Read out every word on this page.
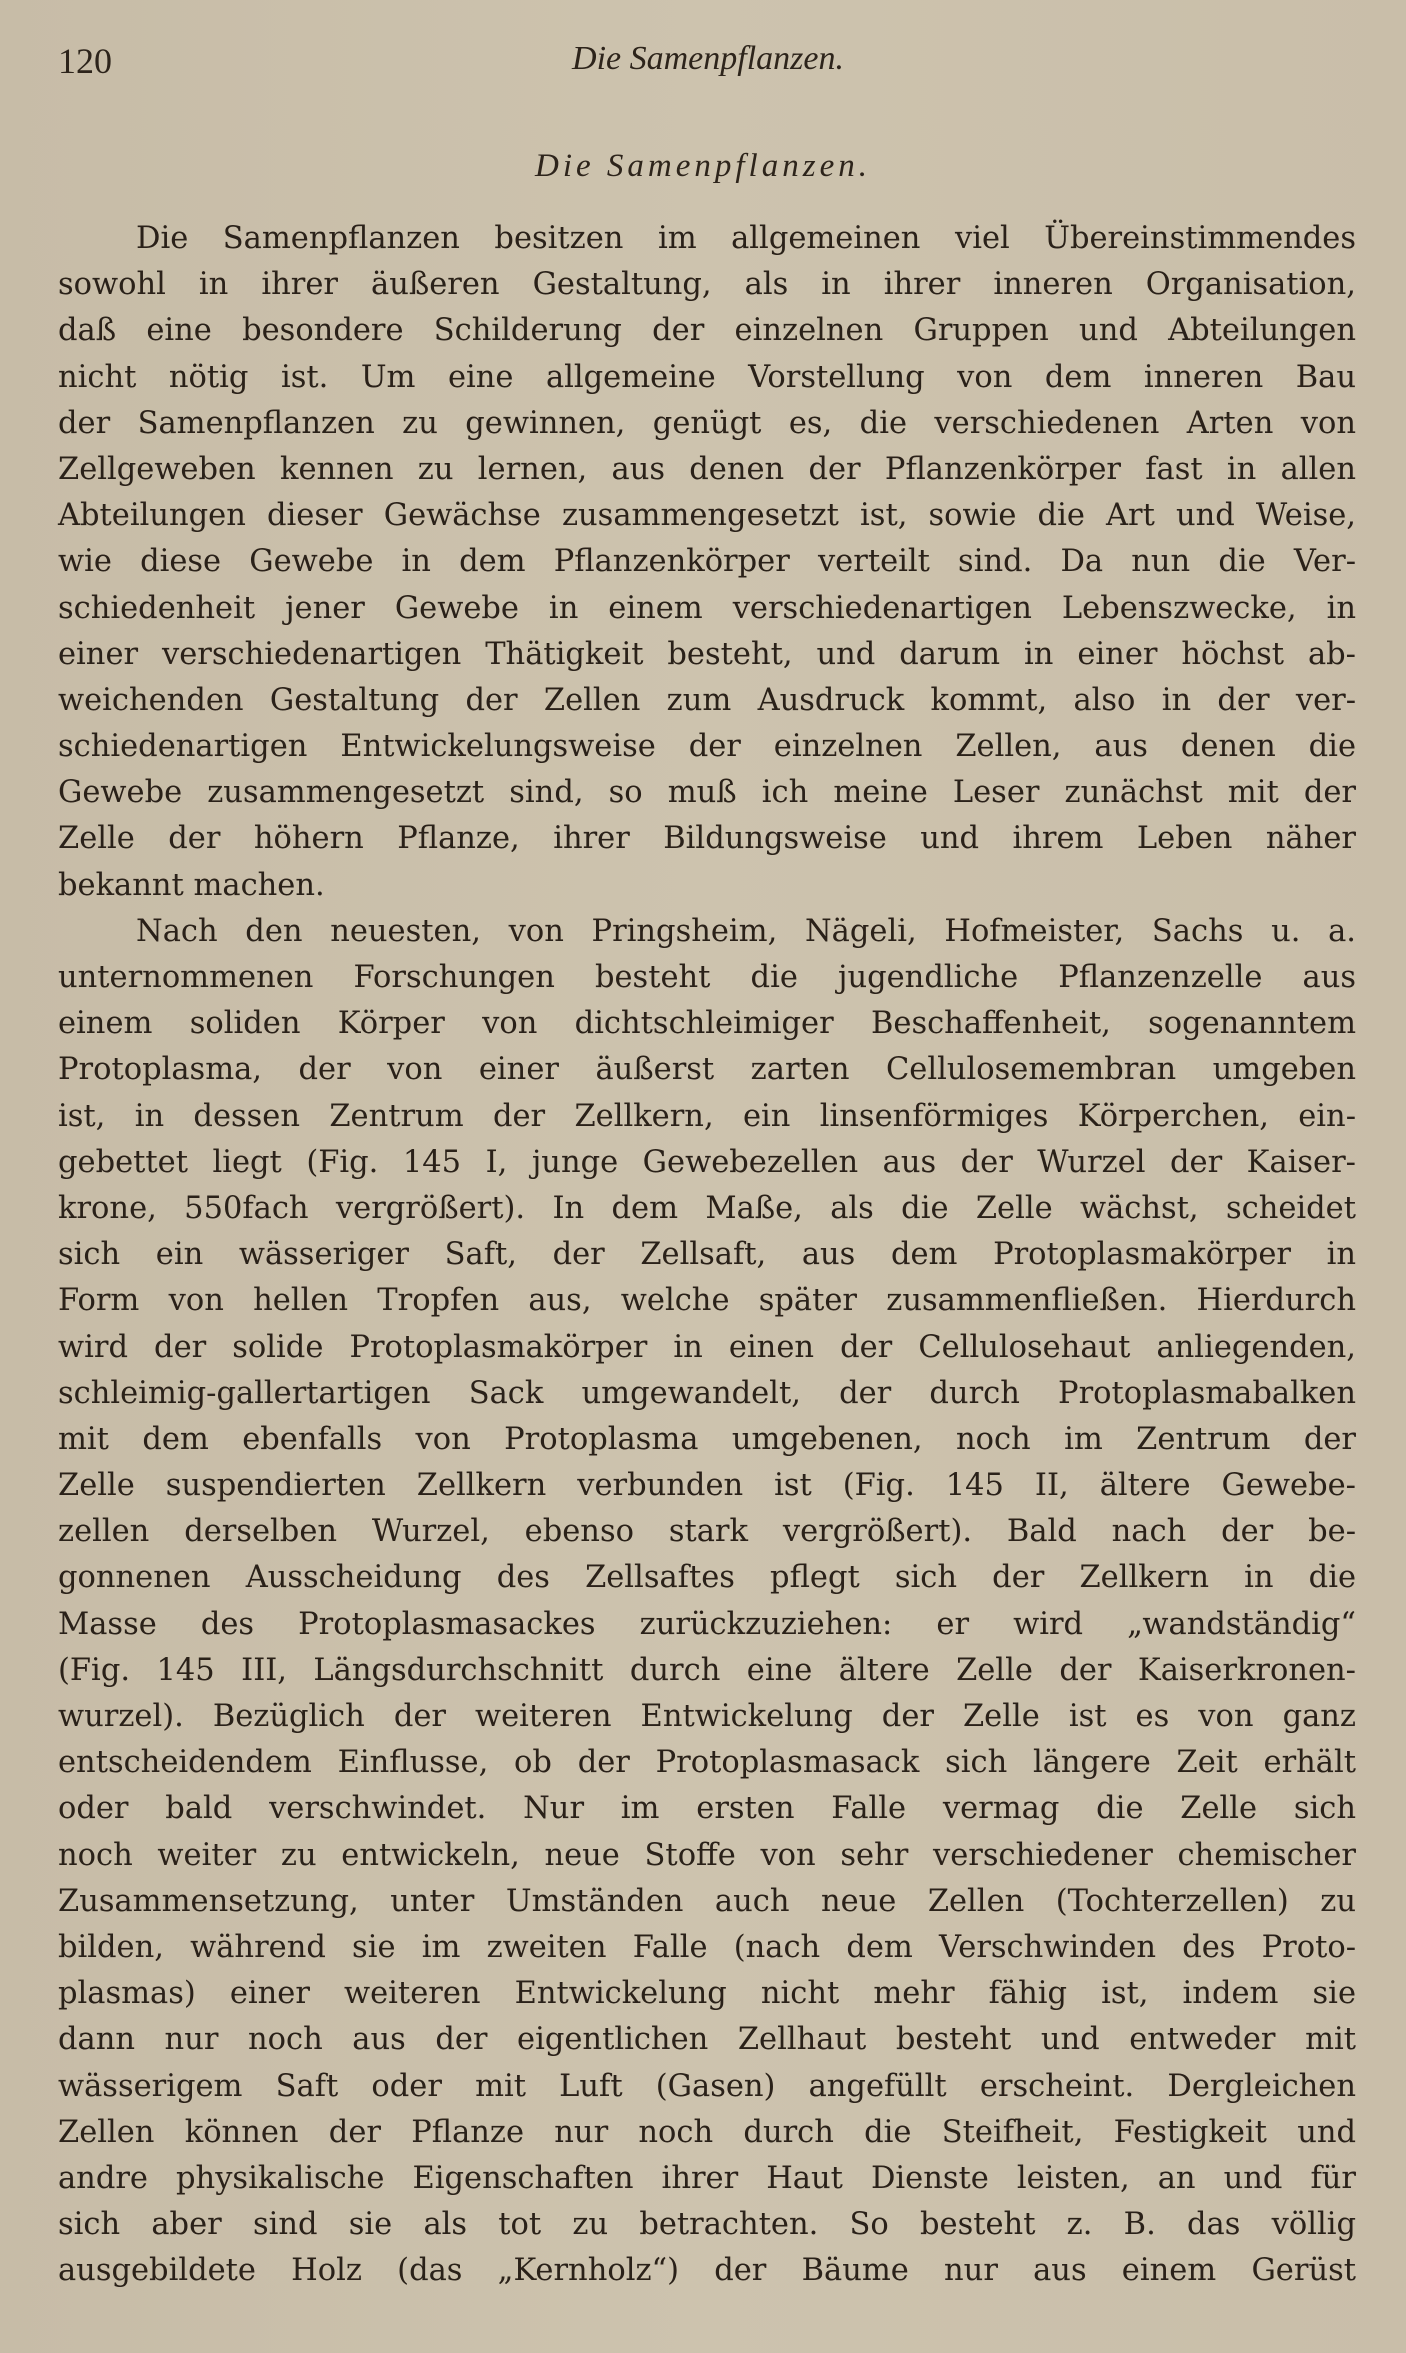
120	Die Samenpflanzen.
Die Samenpflanzen.
Die Samenpflanzen besitzen im allgemeinen viel Übereinstimmendes
sowohl in ihrer äußeren Gestaltung, als in ihrer inneren Organisation,
daß eine besondere Schilderung der einzelnen Gruppen und Abteilungen
nicht nötig ist. Um eine allgemeine Vorstellung von dem inneren Bau
der Samenpflanzen zu gewinnen, genügt es, die verschiedenen Arten von
Zellgeweben kennen zu lernen, aus denen der Pflanzenkörper fast in allen
Abteilungen dieser Gewächse zusammengesetzt ist, sowie die Art und Weise,
wie diese Gewebe in dem Pflanzenkörper verteilt sind. Da nun die Ver-
schiedenheit jener Gewebe in einem verschiedenartigen Lebenszwecke, in
einer verschiedenartigen Thätigkeit besteht, und darum in einer höchst ab-
weichenden Gestaltung der Zellen zum Ausdruck kommt, also in der ver-
schiedenartigen Entwickelungsweise der einzelnen Zellen, aus denen die
Gewebe zusammengesetzt sind, so muß ich meine Leser zunächst mit der
Zelle der höhern Pflanze, ihrer Bildungsweise und ihrem Leben näher
bekannt machen.
Nach den neuesten, von Pringsheim, Nägeli, Hofmeister, Sachs u. a.
unternommenen Forschungen besteht die jugendliche Pflanzenzelle aus
einem soliden Körper von dichtschleimiger Beschaffenheit, sogenanntem
Protoplasma, der von einer äußerst zarten Cellulosemembran umgeben
ist, in dessen Zentrum der Zellkern, ein linsenförmiges Körperchen, ein-
gebettet liegt (Fig. 145 I, junge Gewebezellen aus der Wurzel der Kaiser-
krone, 550fach vergrößert). In dem Maße, als die Zelle wächst, scheidet
sich ein wässeriger Saft, der Zellsaft, aus dem Protoplasmakörper in
Form von hellen Tropfen aus, welche später zusammenfließen. Hierdurch
wird der solide Protoplasmakörper in einen der Cellulosehaut anliegenden,
schleimig-gallertartigen Sack umgewandelt, der durch Protoplasmabalken
mit dem ebenfalls von Protoplasma umgebenen, noch im Zentrum der
Zelle suspendierten Zellkern verbunden ist (Fig. 145 II, ältere Gewebe-
zellen derselben Wurzel, ebenso stark vergrößert). Bald nach der be-
gonnenen Ausscheidung des Zellsaftes pflegt sich der Zellkern in die
Masse des Protoplasmasackes zurückzuziehen: er wird „wandständig“
(Fig. 145 III, Längsdurchschnitt durch eine ältere Zelle der Kaiserkronen-
wurzel). Bezüglich der weiteren Entwickelung der Zelle ist es von ganz
entscheidendem Einflusse, ob der Protoplasmasack sich längere Zeit erhält
oder bald verschwindet. Nur im ersten Falle vermag die Zelle sich
noch weiter zu entwickeln, neue Stoffe von sehr verschiedener chemischer
Zusammensetzung, unter Umständen auch neue Zellen (Tochterzellen) zu
bilden, während sie im zweiten Falle (nach dem Verschwinden des Proto-
plasmas) einer weiteren Entwickelung nicht mehr fähig ist, indem sie
dann nur noch aus der eigentlichen Zellhaut besteht und entweder mit
wässerigem Saft oder mit Luft (Gasen) angefüllt erscheint. Dergleichen
Zellen können der Pflanze nur noch durch die Steifheit, Festigkeit und
andre physikalische Eigenschaften ihrer Haut Dienste leisten, an und für
sich aber sind sie als tot zu betrachten. So besteht z. B. das völlig
ausgebildete Holz (das „Kernholz“) der Bäume nur aus einem Gerüst
